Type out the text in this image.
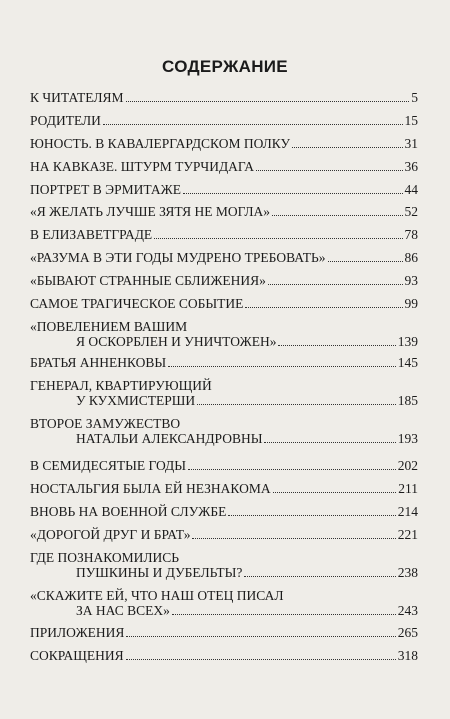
СОДЕРЖАНИЕ
К ЧИТАТЕЛЯМ	5
РОДИТЕЛИ	15
ЮНОСТЬ. В КАВАЛЕРГАРДСКОМ ПОЛКУ	31
НА КАВКАЗЕ. ШТУРМ ТУРЧИДАГА	36
ПОРТРЕТ В ЭРМИТАЖЕ	44
«Я ЖЕЛАТЬ ЛУЧШЕ ЗЯТЯ НЕ МОГЛА»	52
В ЕЛИЗАВЕТГРАДЕ	78
«РАЗУМА В ЭТИ ГОДЫ МУДРЕНО ТРЕБОВАТЬ»	86
«БЫВАЮТ СТРАННЫЕ СБЛИЖЕНИЯ»	93
САМОЕ ТРАГИЧЕСКОЕ СОБЫТИЕ	99
«ПОВЕЛЕНИЕМ ВАШИМ
Я ОСКОРБЛЕН И УНИЧТОЖЕН»	139
БРАТЬЯ АННЕНКОВЫ	145
ГЕНЕРАЛ, КВАРТИРУЮЩИЙ
У КУХМИСТЕРШИ	185
ВТОРОЕ ЗАМУЖЕСТВО
НАТАЛЬИ АЛЕКСАНДРОВНЫ	193
В СЕМИДЕСЯТЫЕ ГОДЫ	202
НОСТАЛЬГИЯ БЫЛА ЕЙ НЕЗНАКОМА	211
ВНОВЬ НА ВОЕННОЙ СЛУЖБЕ	214
«ДОРОГОЙ ДРУГ И БРАТ»	221
ГДЕ ПОЗНАКОМИЛИСЬ
ПУШКИНЫ И ДУБЕЛЬТЫ?	238
«СКАЖИТЕ ЕЙ, ЧТО НАШ ОТЕЦ ПИСАЛ
ЗА НАС ВСЕХ»	243
ПРИЛОЖЕНИЯ	265
СОКРАЩЕНИЯ	318
